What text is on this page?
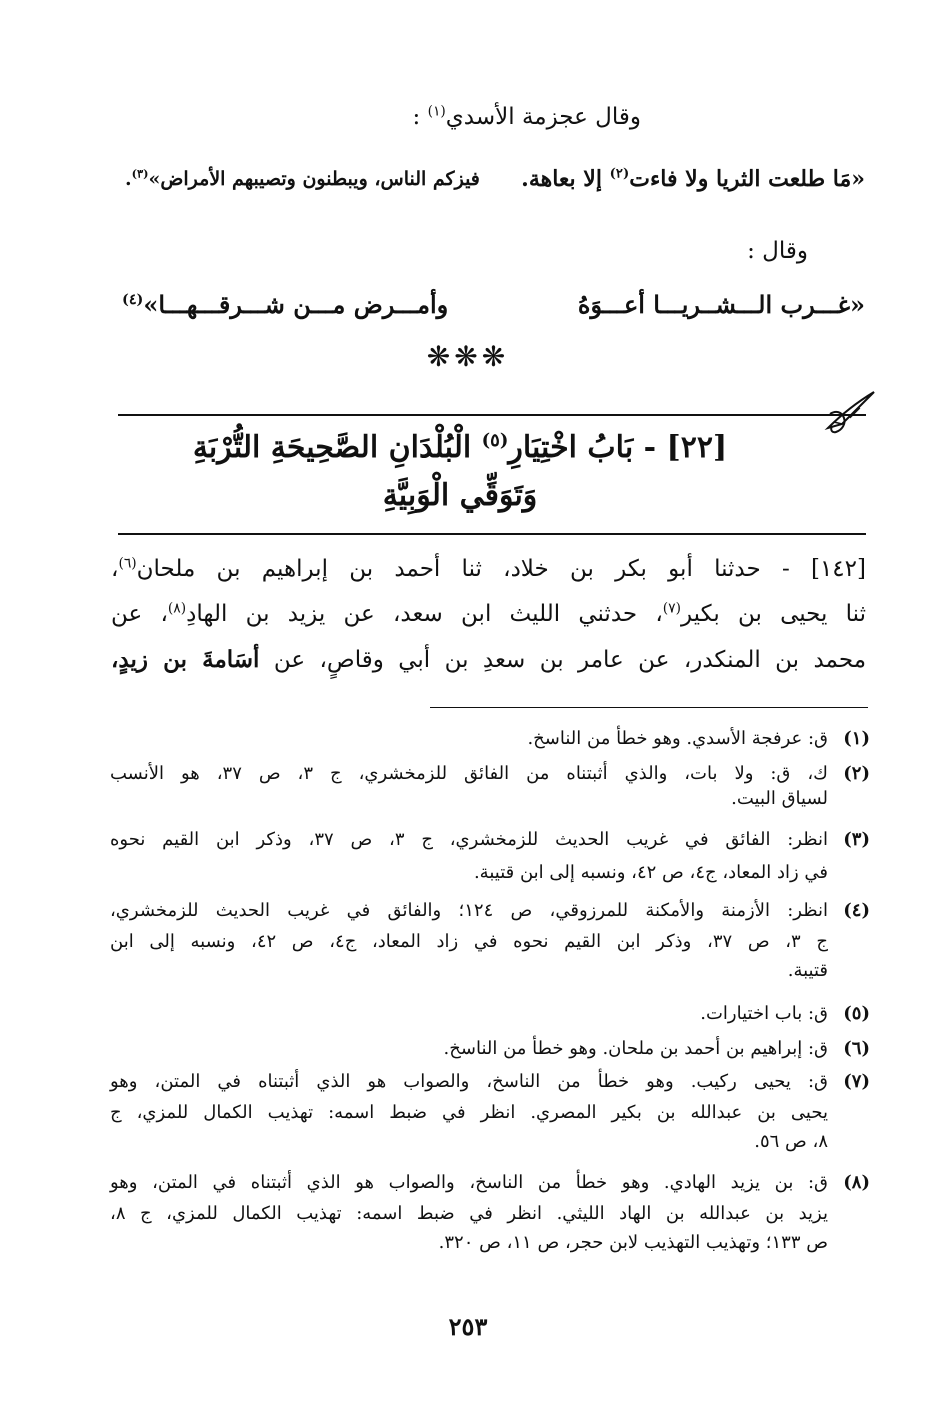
وقال عجزمة الأسدي$^{(١)}$ :
«مَا طلعت الثريا ولا فاءت$^{(٢)}$ إلا بعاهة.
فيزكم الناس، ويبطنون وتصيبهم الأمراض»$^{(٣)}$.
وقال :
«غـــرب الـــشــريـــا أعـــوَهُ
وأمـــرض مـــن شـــرقـــهـــا»$^{(٤)}$
❋❋❋
[٢٢] - بَابُ اخْتِيَارِ$^{(٥)}$ الْبُلْدَانِ الصَّحِيحَةِ التُّرْبَةِ
وَتَوَقِّي الْوَبِيَّةِ
[١٤٢] - حدثنا أبو بكر بن خلاد، ثنا أحمد بن إبراهيم بن ملحان$^{(٦)}$،
ثنا يحيى بن بكير$^{(٧)}$، حدثني الليث ابن سعد، عن يزيد بن الهادِ$^{(٨)}$، عن
محمد بن المنكدر، عن عامر بن سعدِ بن أبي وقاصٍ، عن أسَامةَ بن زيدٍ،
(١)
ق: عرفجة الأسدي. وهو خطأ من الناسخ.
(٢)
ك، ق: ولا بات، والذي أثبتناه من الفائق للزمخشري، ج ٣، ص ٣٧، هو الأنسب
لسياق البيت.
(٣)
انظر: الفائق في غريب الحديث للزمخشري، ج ٣، ص ٣٧، وذكر ابن القيم نحوه
في زاد المعاد، ج٤، ص ٤٢، ونسبه إلى ابن قتيبة.
(٤)
انظر: الأزمنة والأمكنة للمرزوقي، ص ١٢٤؛ والفائق في غريب الحديث للزمخشري،
ج ٣، ص ٣٧، وذكر ابن القيم نحوه في زاد المعاد، ج٤، ص ٤٢، ونسبه إلى ابن
قتيبة.
(٥)
ق: باب اختيارات.
(٦)
ق: إبراهيم بن أحمد بن ملحان. وهو خطأ من الناسخ.
(٧)
ق: يحيى ركيب. وهو خطأ من الناسخ، والصواب هو الذي أثبتناه في المتن، وهو
يحيى بن عبدالله بن بكير المصري. انظر في ضبط اسمه: تهذيب الكمال للمزي، ج
٨، ص ٥٦.
(٨)
ق: بن يزيد الهادي. وهو خطأ من الناسخ، والصواب هو الذي أثبتناه في المتن، وهو
يزيد بن عبدالله بن الهاد الليثي. انظر في ضبط اسمه: تهذيب الكمال للمزي، ج ٨،
ص ١٣٣؛ وتهذيب التهذيب لابن حجر، ص ١١، ص ٣٢٠.
٢٥٣
